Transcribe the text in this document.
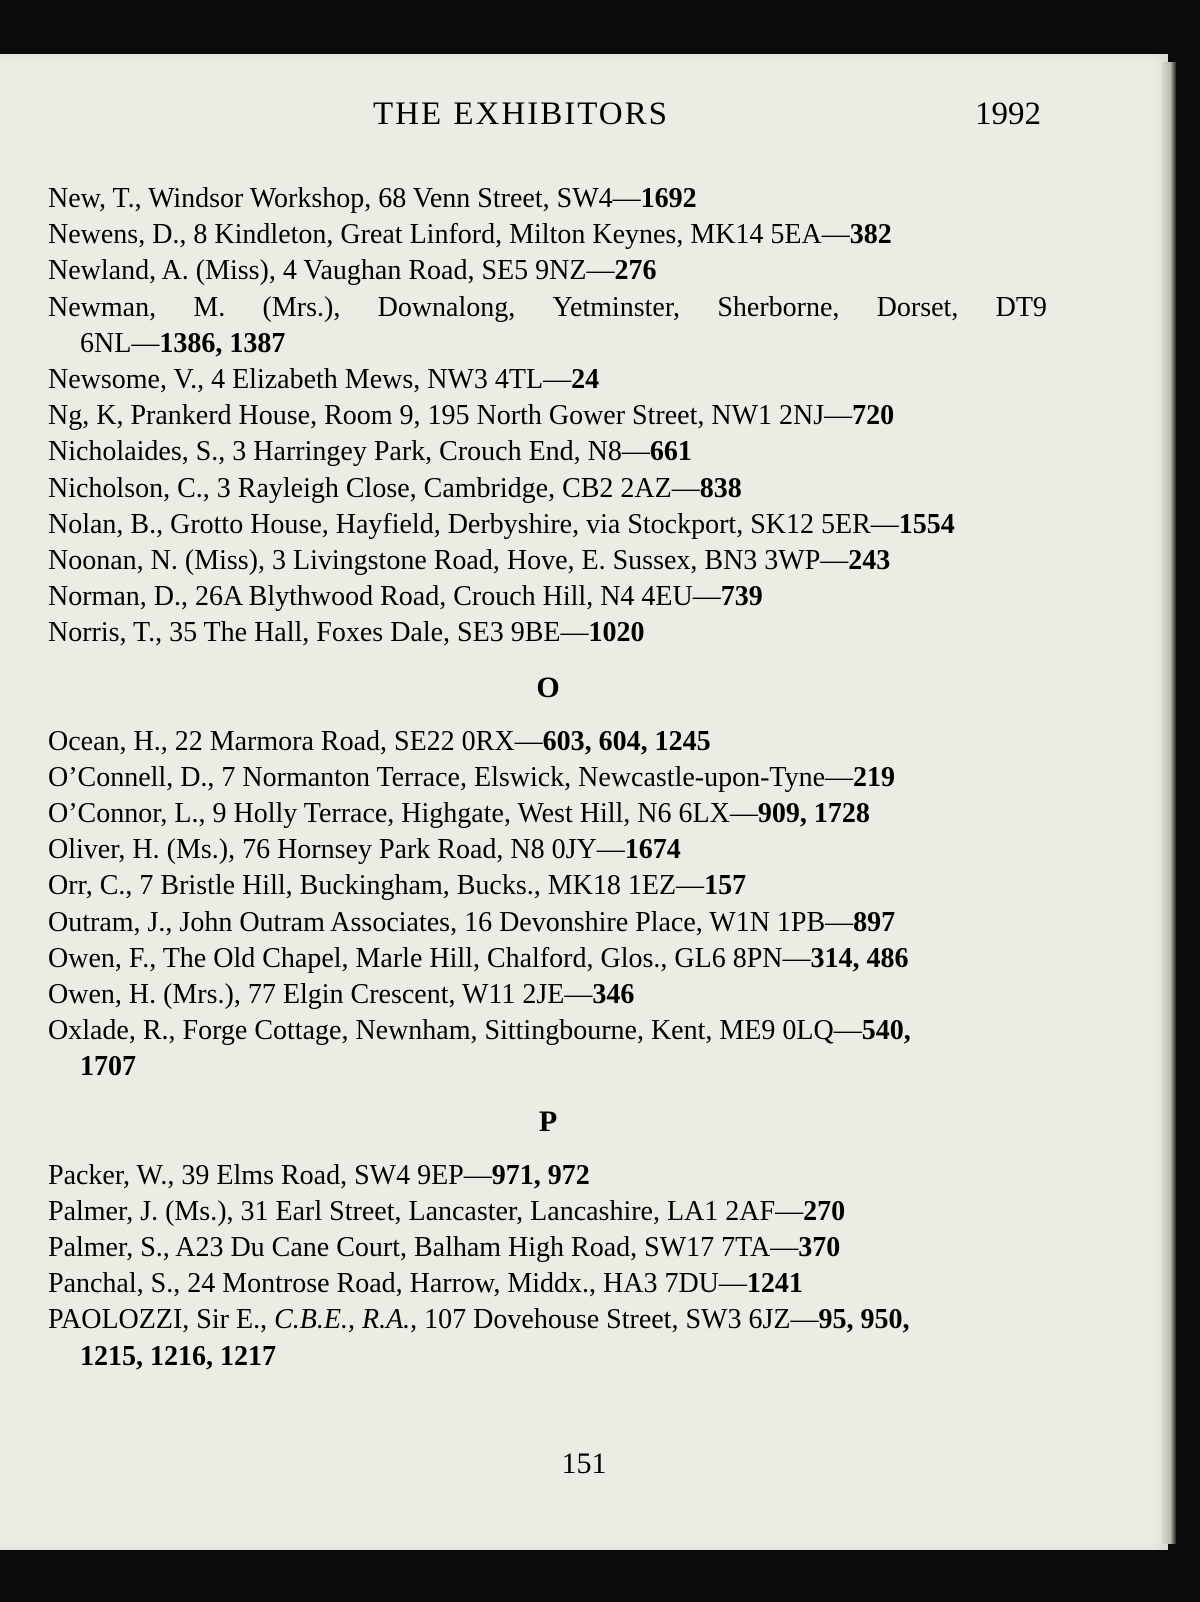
THE EXHIBITORS	1992
New, T., Windsor Workshop, 68 Venn Street, SW4—1692
Newens, D., 8 Kindleton, Great Linford, Milton Keynes, MK14 5EA—382
Newland, A. (Miss), 4 Vaughan Road, SE5 9NZ—276
Newman, M. (Mrs.), Downalong, Yetminster, Sherborne, Dorset, DT9
6NL—1386, 1387
Newsome, V., 4 Elizabeth Mews, NW3 4TL—24
Ng, K, Prankerd House, Room 9, 195 North Gower Street, NW1 2NJ—720
Nicholaides, S., 3 Harringey Park, Crouch End, N8—661
Nicholson, C., 3 Rayleigh Close, Cambridge, CB2 2AZ—838
Nolan, B., Grotto House, Hayfield, Derbyshire, via Stockport, SK12 5ER—1554
Noonan, N. (Miss), 3 Livingstone Road, Hove, E. Sussex, BN3 3WP—243
Norman, D., 26A Blythwood Road, Crouch Hill, N4 4EU—739
Norris, T., 35 The Hall, Foxes Dale, SE3 9BE—1020
O
Ocean, H., 22 Marmora Road, SE22 0RX—603, 604, 1245
O’Connell, D., 7 Normanton Terrace, Elswick, Newcastle-upon-Tyne—219
O’Connor, L., 9 Holly Terrace, Highgate, West Hill, N6 6LX—909, 1728
Oliver, H. (Ms.), 76 Hornsey Park Road, N8 0JY—1674
Orr, C., 7 Bristle Hill, Buckingham, Bucks., MK18 1EZ—157
Outram, J., John Outram Associates, 16 Devonshire Place, W1N 1PB—897
Owen, F., The Old Chapel, Marle Hill, Chalford, Glos., GL6 8PN—314, 486
Owen, H. (Mrs.), 77 Elgin Crescent, W11 2JE—346
Oxlade, R., Forge Cottage, Newnham, Sittingbourne, Kent, ME9 0LQ—540,
1707
P
Packer, W., 39 Elms Road, SW4 9EP—971, 972
Palmer, J. (Ms.), 31 Earl Street, Lancaster, Lancashire, LA1 2AF—270
Palmer, S., A23 Du Cane Court, Balham High Road, SW17 7TA—370
Panchal, S., 24 Montrose Road, Harrow, Middx., HA3 7DU—1241
PAOLOZZI, Sir E., C.B.E., R.A., 107 Dovehouse Street, SW3 6JZ—95, 950,
1215, 1216, 1217
151
